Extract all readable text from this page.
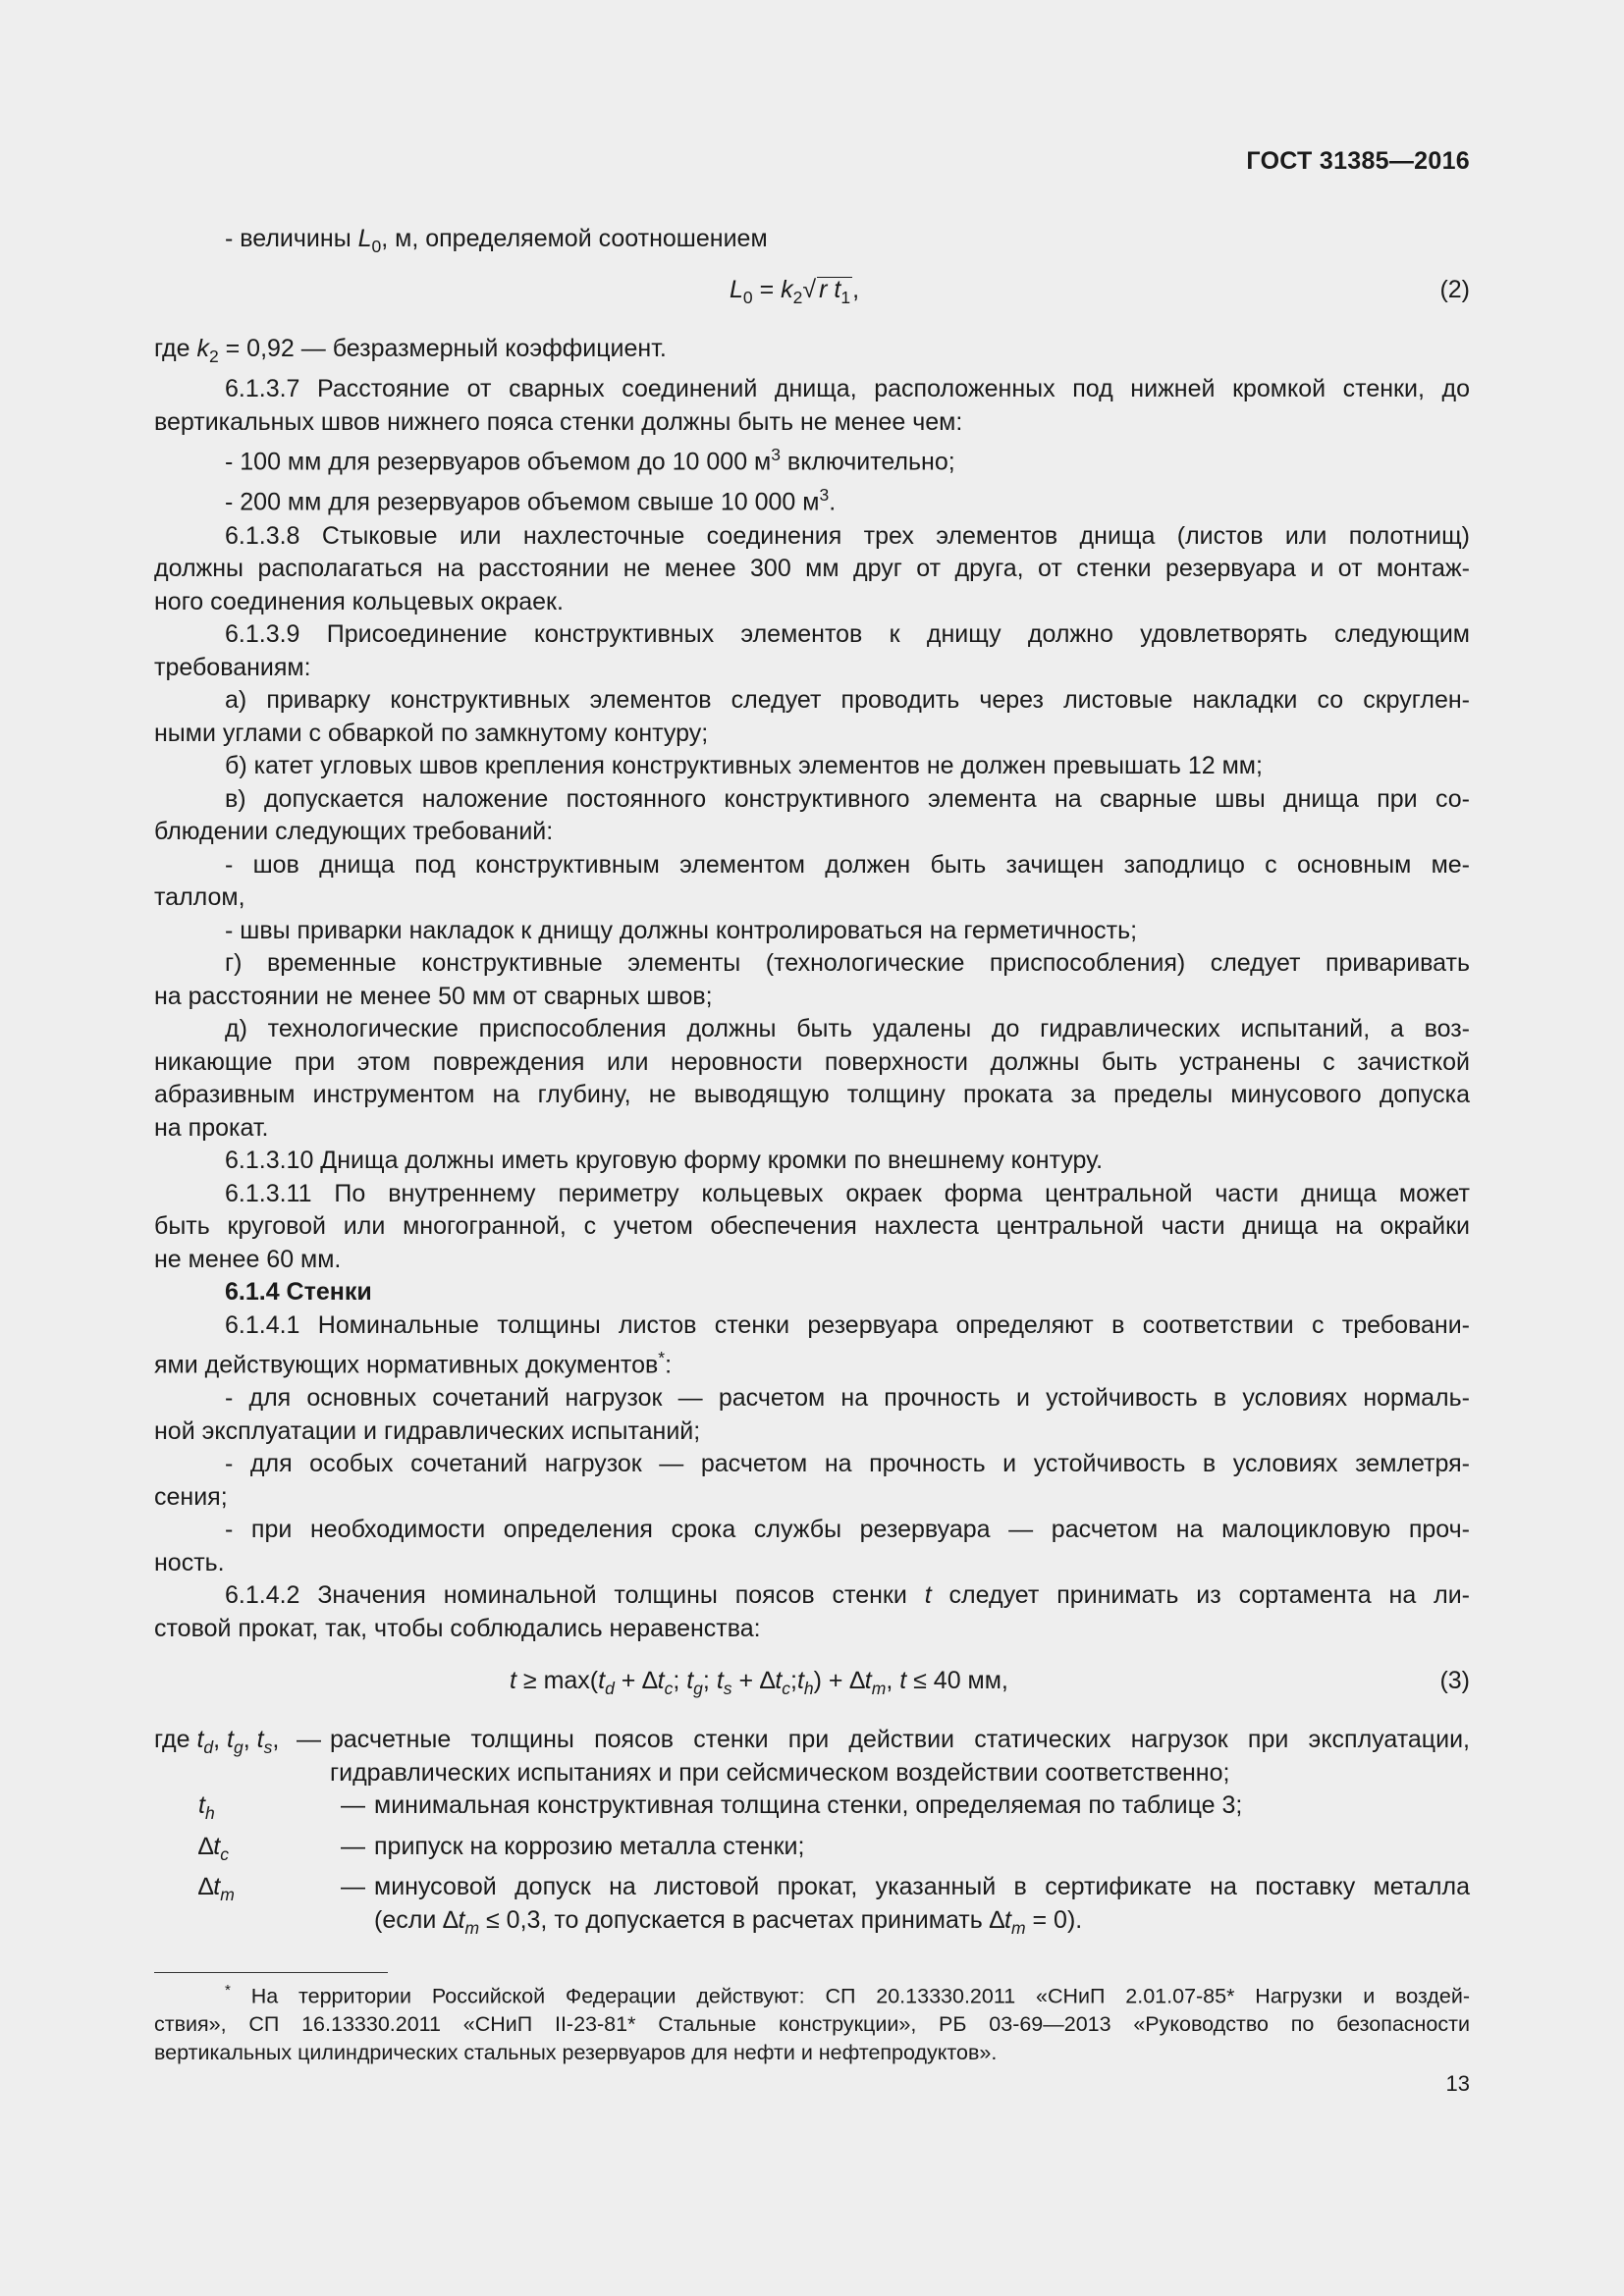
ГОСТ 31385—2016

- величины $L_0$, м, определяемой соотношением

$L_0 = k_2√$ r $t_1$,	(2)

где $k_2 = 0,92$ — безразмерный коэффициент.

6.1.3.7 Расстояние от сварных соединений днища, расположенных под нижней кромкой стенки, до
вертикальных швов нижнего пояса стенки должны быть не менее чем:
- 100 мм для резервуаров объемом до 10 000 $м^3$ включительно;
- 200 мм для резервуаров объемом свыше 10 000 $м^3$.
6.1.3.8 Стыковые или нахлесточные соединения трех элементов днища (листов или полотнищ)
должны располагаться на расстоянии не менее 300 мм друг от друга, от стенки резервуара и от монтаж-
ного соединения кольцевых окраек.
6.1.3.9 Присоединение конструктивных элементов к днищу должно удовлетворять следующим
требованиям:
а) приварку конструктивных элементов следует проводить через листовые накладки со скруглен-
ными углами с обваркой по замкнутому контуру;
б) катет угловых швов крепления конструктивных элементов не должен превышать 12 мм;
в) допускается наложение постоянного конструктивного элемента на сварные швы днища при со-
блюдении следующих требований:
- шов днища под конструктивным элементом должен быть зачищен заподлицо с основным ме-
таллом,
- швы приварки накладок к днищу должны контролироваться на герметичность;
г) временные конструктивные элементы (технологические приспособления) следует приваривать
на расстоянии не менее 50 мм от сварных швов;
д) технологические приспособления должны быть удалены до гидравлических испытаний, а воз-
никающие при этом повреждения или неровности поверхности должны быть устранены с зачисткой
абразивным инструментом на глубину, не выводящую толщину проката за пределы минусового допуска
на прокат.
6.1.3.10 Днища должны иметь круговую форму кромки по внешнему контуру.
6.1.3.11 По внутреннему периметру кольцевых окраек форма центральной части днища может
быть круговой или многогранной, с учетом обеспечения нахлеста центральной части днища на окрайки
не менее 60 мм.
6.1.4 Стенки
6.1.4.1 Номинальные толщины листов стенки резервуара определяют в соответствии с требовани-
ями действующих нормативных документов*:
- для основных сочетаний нагрузок — расчетом на прочность и устойчивость в условиях нормаль-
ной эксплуатации и гидравлических испытаний;
- для особых сочетаний нагрузок — расчетом на прочность и устойчивость в условиях землетря-
сения;
- при необходимости определения срока службы резервуара — расчетом на малоцикловую проч-
ность.
6.1.4.2 Значения номинальной толщины поясов стенки t следует принимать из сортамента на ли-
стовой прокат, так, чтобы соблюдались неравенства:
$t \ge \max(t_d + \Delta t_c$; $t_g$; $t_s$ + $\Delta t_c;t_h) + \Delta t_m$, t ≤ 40 мм,	(3)
где $t_d$, $t_g$, $t_s$, — расчетные толщины поясов стенки при действии статических нагрузок при эксплуатации,
гидравлических испытаниях и при сейсмическом воздействии соответственно;
$t_h$	— минимальная конструктивная толщина стенки, определяемая по таблице 3;
$\Delta t_c$	— припуск на коррозию металла стенки;
$\Delta t_m$	— минусовой допуск на листовой прокат, указанный в сертификате на поставку металла
(если $\Delta t_m \le 0,3$, то допускается в расчетах принимать $\Delta t_m = 0$).
* На территории Российской Федерации действуют: СП 20.13330.2011 «СНиП 2.01.07-85* Нагрузки и воздей-
ствия», СП 16.13330.2011 «СНиП II-23-81* Стальные конструкции», РБ 03-69—2013 «Руководство по безопасности
вертикальных цилиндрических стальных резервуаров для нефти и нефтепродуктов».
13
